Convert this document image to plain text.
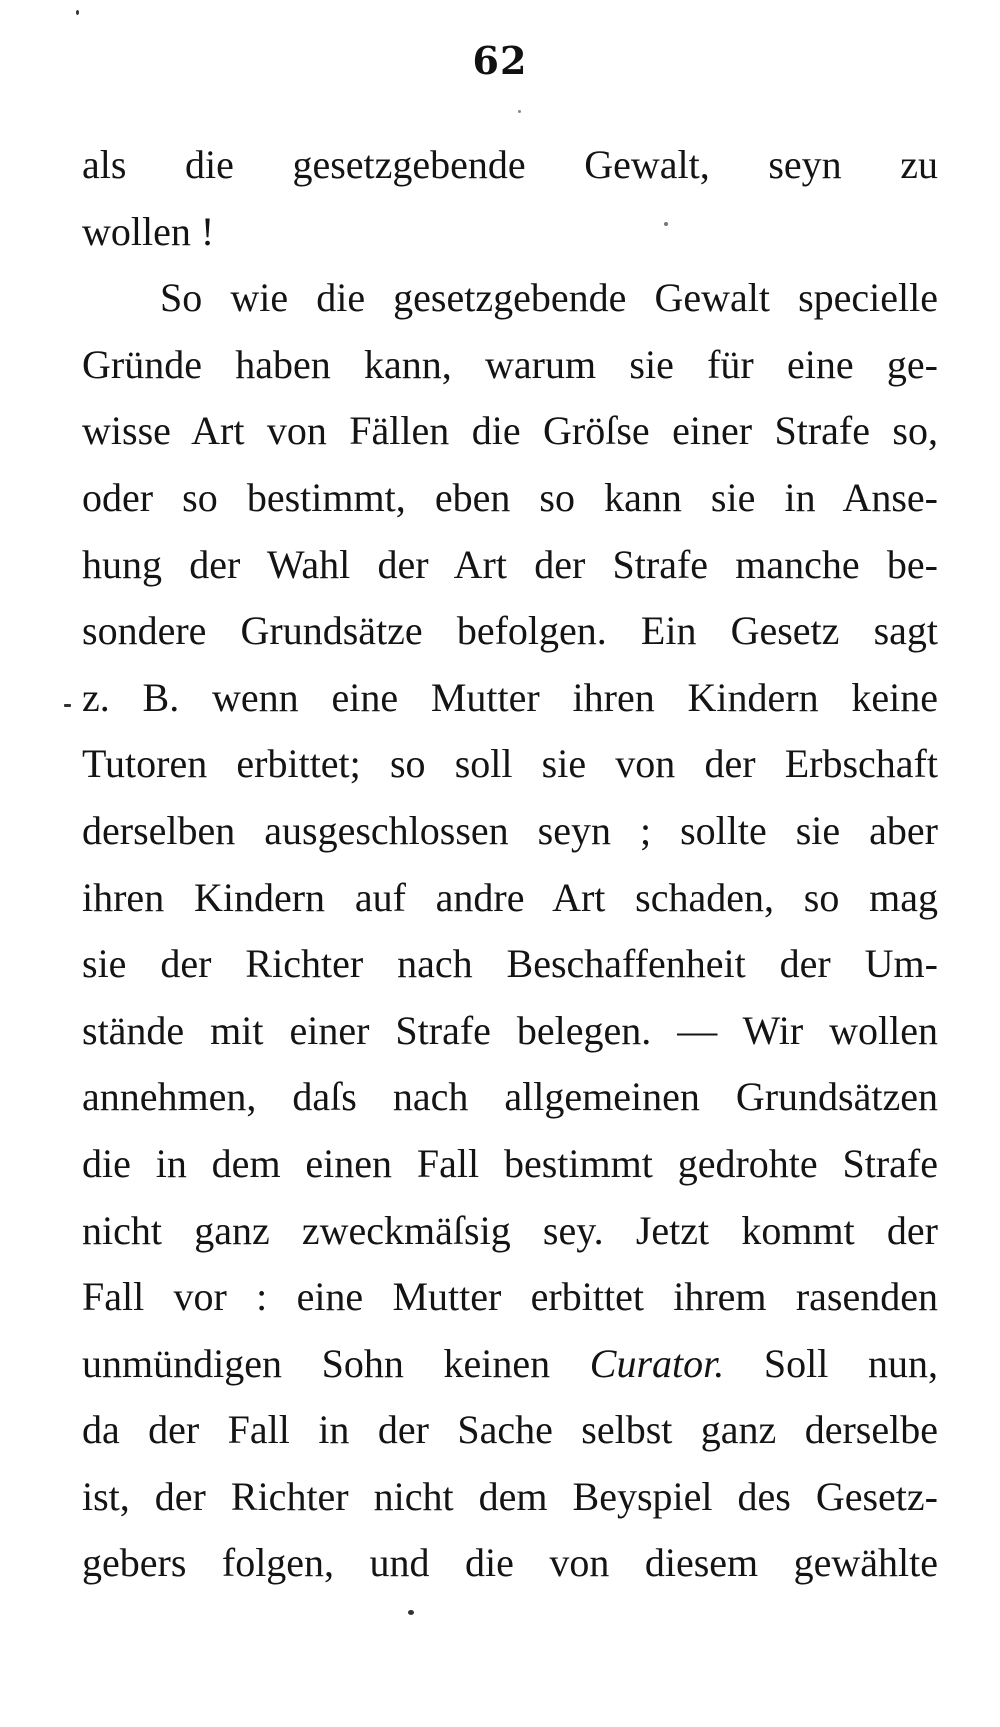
62
als die gesetzgebende Gewalt, seyn zu
wollen !
So wie die gesetzgebende Gewalt specielle
Gründe haben kann, warum sie für eine ge-
wisse Art von Fällen die Gröſse einer Strafe so,
oder so bestimmt, eben so kann sie in Anse-
hung der Wahl der Art der Strafe manche be-
sondere Grundsätze befolgen. Ein Gesetz sagt
z. B. wenn eine Mutter ihren Kindern keine
Tutoren erbittet; so soll sie von der Erbschaft
derselben ausgeschlossen seyn ; sollte sie aber
ihren Kindern auf andre Art schaden, so mag
sie der Richter nach Beschaffenheit der Um-
stände mit einer Strafe belegen. — Wir wollen
annehmen, daſs nach allgemeinen Grundsätzen
die in dem einen Fall bestimmt gedrohte Strafe
nicht ganz zweckmäſsig sey. Jetzt kommt der
Fall vor : eine Mutter erbittet ihrem rasenden
unmündigen Sohn keinen Curator. Soll nun,
da der Fall in der Sache selbst ganz derselbe
ist, der Richter nicht dem Beyspiel des Gesetz-
gebers folgen, und die von diesem gewählte
